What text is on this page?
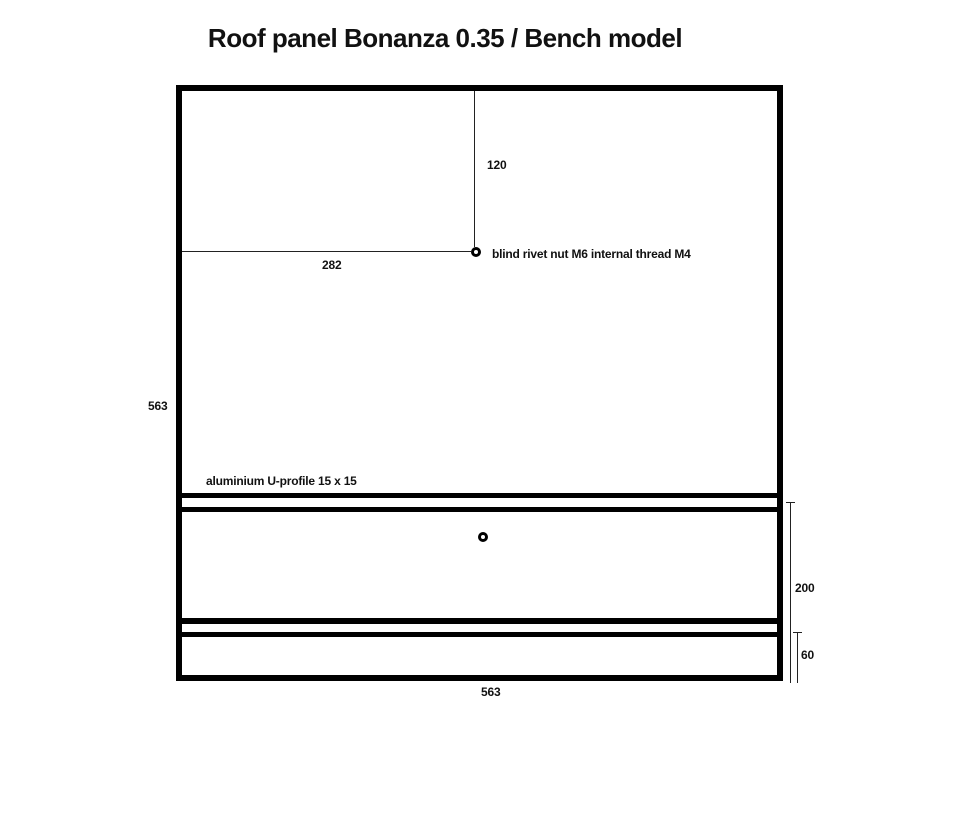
Roof panel Bonanza 0.35 / Bench model
120
282
blind rivet nut M6 internal thread M4
563
aluminium U-profile 15 x 15
200
60
563
